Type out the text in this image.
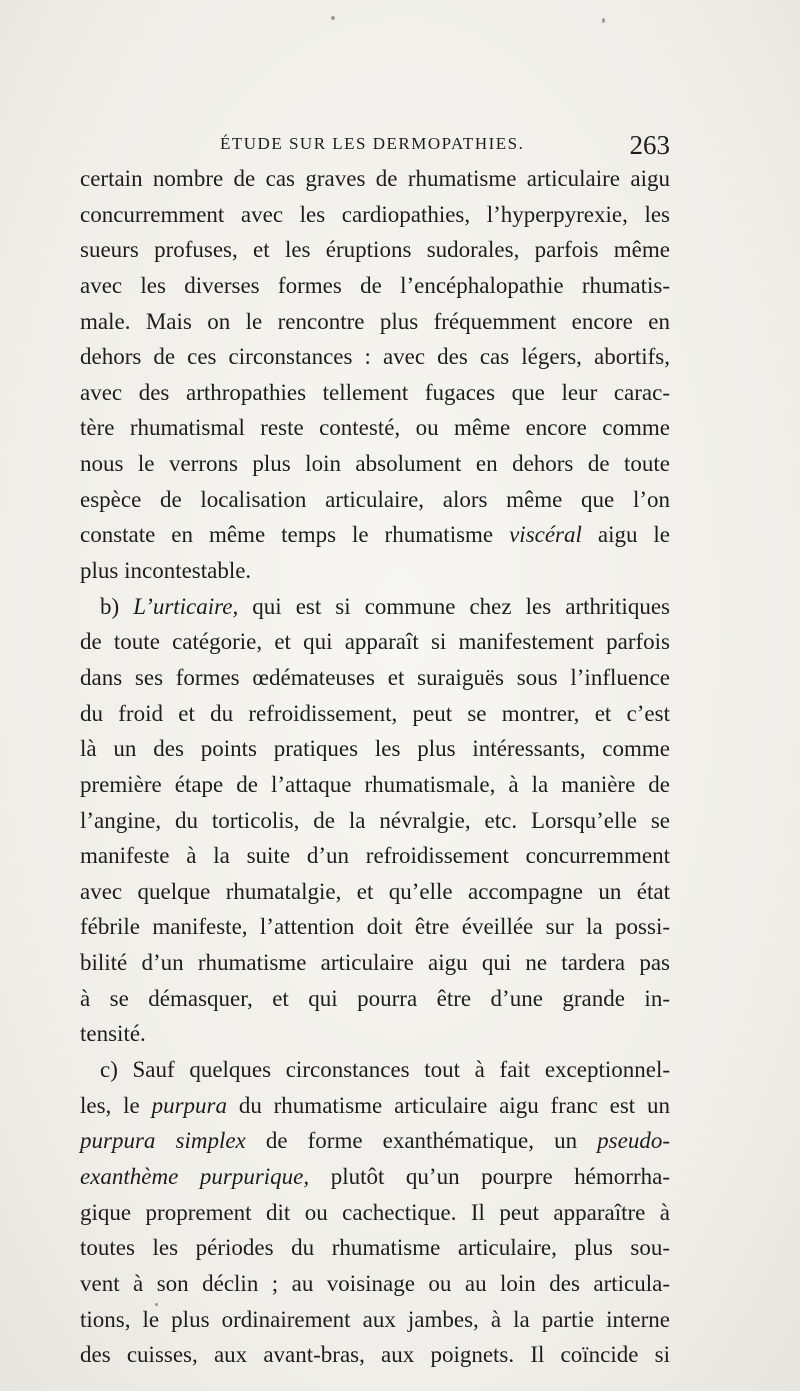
ÉTUDE SUR LES DERMOPATHIES.	263
certain nombre de cas graves de rhumatisme articulaire aigu
concurremment avec les cardiopathies, l’hyperpyrexie, les
sueurs profuses, et les éruptions sudorales, parfois même
avec les diverses formes de l’encéphalopathie rhumatis-
male. Mais on le rencontre plus fréquemment encore en
dehors de ces circonstances : avec des cas légers, abortifs,
avec des arthropathies tellement fugaces que leur carac-
tère rhumatismal reste contesté, ou même encore comme
nous le verrons plus loin absolument en dehors de toute
espèce de localisation articulaire, alors même que l’on
constate en même temps le rhumatisme viscéral aigu le
plus incontestable.
b) L’urticaire, qui est si commune chez les arthritiques
de toute catégorie, et qui apparaît si manifestement parfois
dans ses formes œdémateuses et suraiguës sous l’influence
du froid et du refroidissement, peut se montrer, et c’est
là un des points pratiques les plus intéressants, comme
première étape de l’attaque rhumatismale, à la manière de
l’angine, du torticolis, de la névralgie, etc. Lorsqu’elle se
manifeste à la suite d’un refroidissement concurremment
avec quelque rhumatalgie, et qu’elle accompagne un état
fébrile manifeste, l’attention doit être éveillée sur la possi-
bilité d’un rhumatisme articulaire aigu qui ne tardera pas
à se démasquer, et qui pourra être d’une grande in-
tensité.
c) Sauf quelques circonstances tout à fait exceptionnel-
les, le purpura du rhumatisme articulaire aigu franc est un
purpura simplex de forme exanthématique, un pseudo-
exanthème purpurique, plutôt qu’un pourpre hémorrha-
gique proprement dit ou cachectique. Il peut apparaître à
toutes les périodes du rhumatisme articulaire, plus sou-
vent à son déclin ; au voisinage ou au loin des articula-
tions, le plus ordinairement aux jambes, à la partie interne
des cuisses, aux avant-bras, aux poignets. Il coïncide si
